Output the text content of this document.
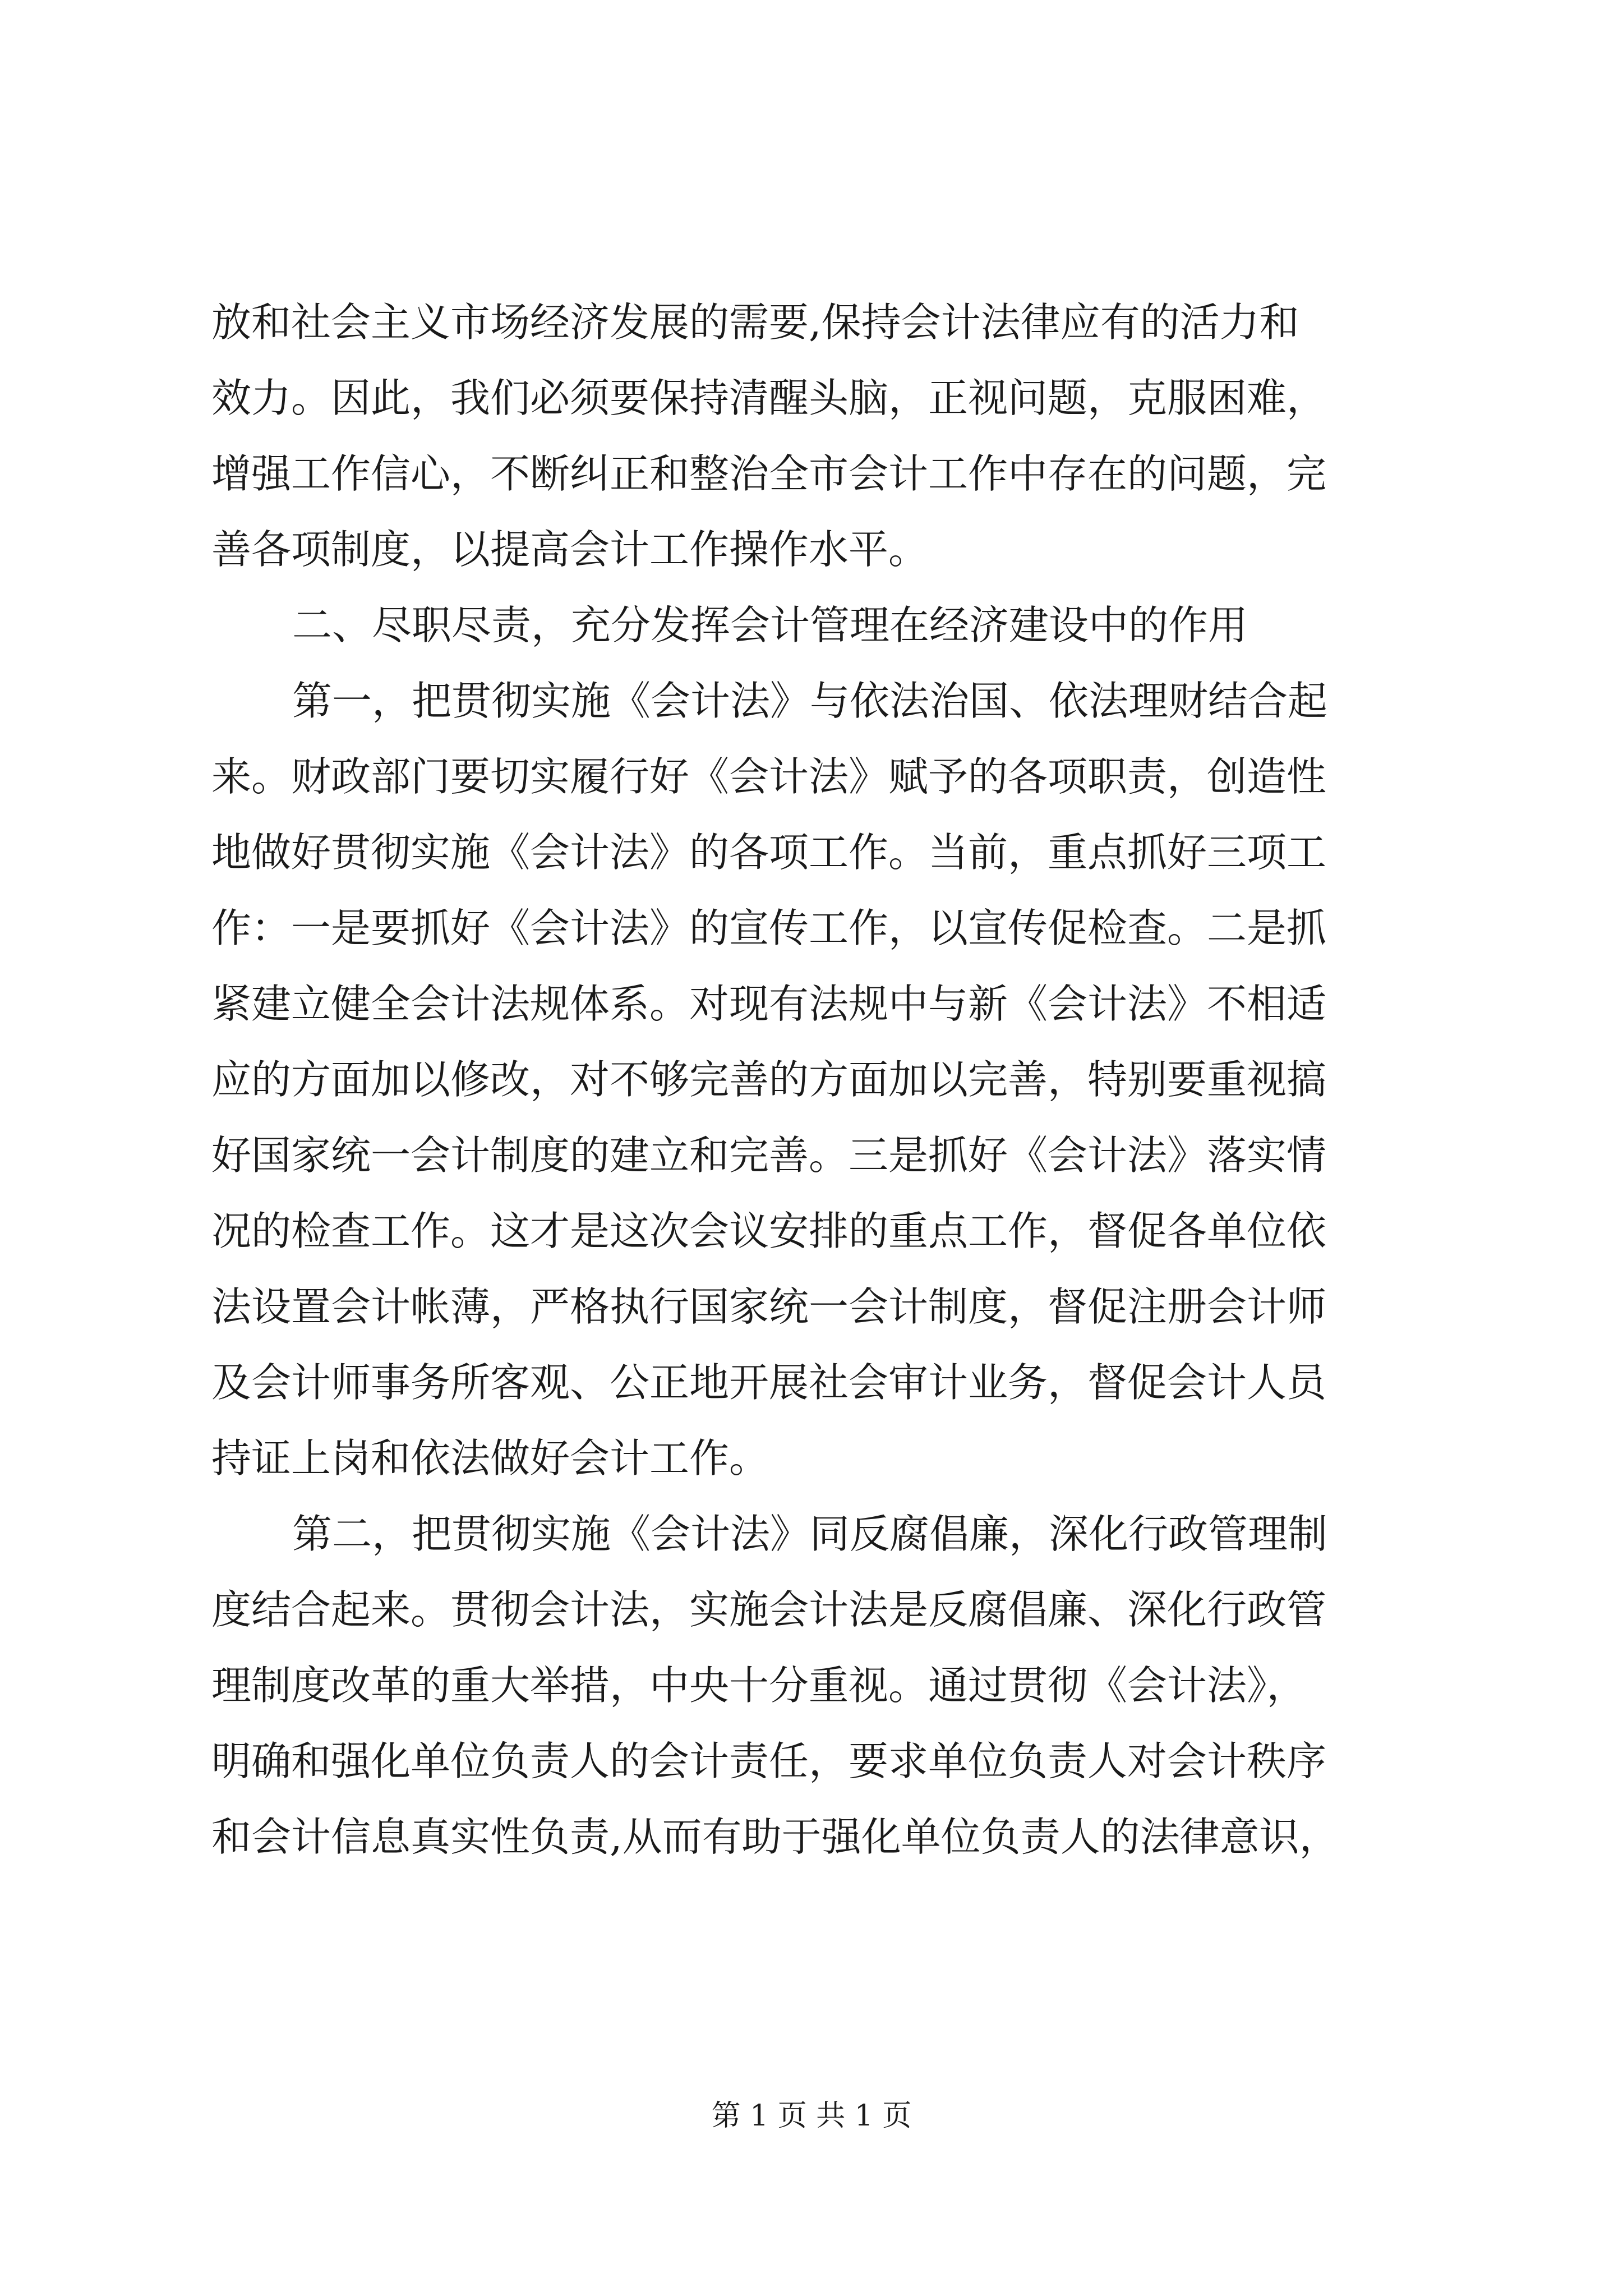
放和社会主义市场经济发展的需要,保持会计法律应有的活力和
效力。因此，我们必须要保持清醒头脑，正视问题，克服困难，
增强工作信心，不断纠正和整治全市会计工作中存在的问题，完
善各项制度，以提高会计工作操作水平。
二、尽职尽责，充分发挥会计管理在经济建设中的作用
第一，把贯彻实施《会计法》与依法治国、依法理财结合起
来。财政部门要切实履行好《会计法》赋予的各项职责，创造性
地做好贯彻实施《会计法》的各项工作。当前，重点抓好三项工
作：一是要抓好《会计法》的宣传工作，以宣传促检查。二是抓
紧建立健全会计法规体系。对现有法规中与新《会计法》不相适
应的方面加以修改，对不够完善的方面加以完善，特别要重视搞
好国家统一会计制度的建立和完善。三是抓好《会计法》落实情
况的检查工作。这才是这次会议安排的重点工作，督促各单位依
法设置会计帐薄，严格执行国家统一会计制度，督促注册会计师
及会计师事务所客观、公正地开展社会审计业务，督促会计人员
持证上岗和依法做好会计工作。
第二，把贯彻实施《会计法》同反腐倡廉，深化行政管理制
度结合起来。贯彻会计法，实施会计法是反腐倡廉、深化行政管
理制度改革的重大举措，中央十分重视。通过贯彻《会计法》，
明确和强化单位负责人的会计责任，要求单位负责人对会计秩序
和会计信息真实性负责,从而有助于强化单位负责人的法律意识，
第 1 页 共 1 页
